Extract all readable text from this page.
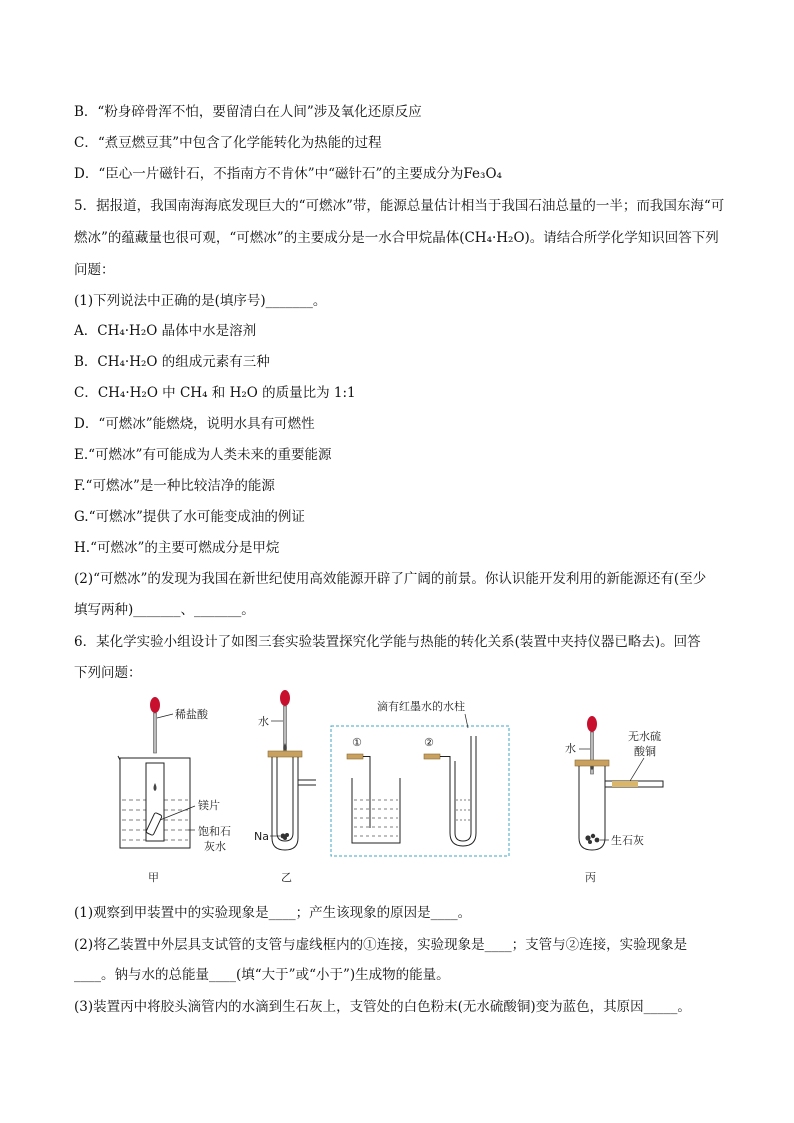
B．“粉身碎骨浑不怕，要留清白在人间”涉及氧化还原反应
C．“煮豆燃豆萁”中包含了化学能转化为热能的过程
D．“臣心一片磁针石，不指南方不肯休”中“磁针石”的主要成分为Fe₃O₄
5．据报道，我国南海海底发现巨大的“可燃冰”带，能源总量估计相当于我国石油总量的一半；而我国东海“可
燃冰”的蕴藏量也很可观，“可燃冰”的主要成分是一水合甲烷晶体(CH₄·H₂O)。请结合所学化学知识回答下列
问题：
(1)下列说法中正确的是(填序号)_______。
A．CH₄·H₂O 晶体中水是溶剂
B．CH₄·H₂O 的组成元素有三种
C．CH₄·H₂O 中 CH₄ 和 H₂O 的质量比为 1:1
D．“可燃冰”能燃烧，说明水具有可燃性
E.“可燃冰”有可能成为人类未来的重要能源
F.“可燃冰”是一种比较洁净的能源
G.“可燃冰”提供了水可能变成油的例证
H.“可燃冰”的主要可燃成分是甲烷
(2)“可燃冰”的发现为我国在新世纪使用高效能源开辟了广阔的前景。你认识能开发利用的新能源还有(至少
填写两种)_______、_______。
6．某化学实验小组设计了如图三套实验装置探究化学能与热能的转化关系(装置中夹持仪器已略去)。回答
下列问题：
稀盐酸
镁片
饱和石
灰水
甲
水
Na
乙
滴有红墨水的水柱
①	②	水
无水硫
酸铜
生石灰
丙
(1)观察到甲装置中的实验现象是____；产生该现象的原因是____。
(2)将乙装置中外层具支试管的支管与虚线框内的①连接，实验现象是____；支管与②连接，实验现象是
____。钠与水的总能量____(填“大于”或“小于”)生成物的能量。
(3)装置丙中将胶头滴管内的水滴到生石灰上，支管处的白色粉末(无水硫酸铜)变为蓝色，其原因_____。
